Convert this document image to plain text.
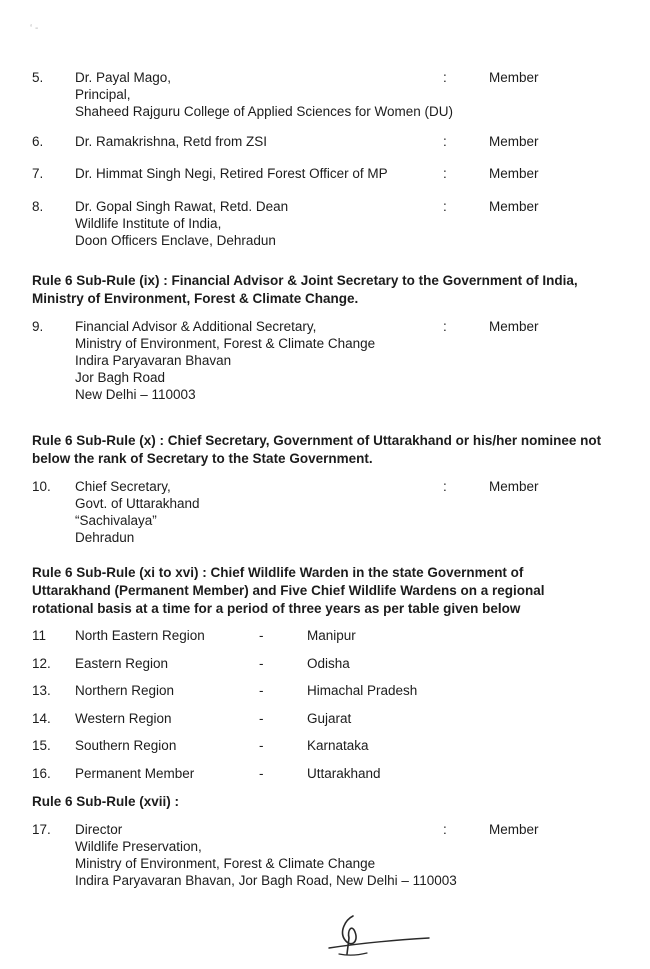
‘ -
5. Dr. Payal Mago,
Principal,
Shaheed Rajguru College of Applied Sciences for Women (DU)
:	Member
6. Dr. Ramakrishna, Retd from ZSI	:	Member
7. Dr. Himmat Singh Negi, Retired Forest Officer of MP	:	Member
8. Dr. Gopal Singh Rawat, Retd. Dean
Wildlife Institute of India,
Doon Officers Enclave, Dehradun
:	Member
Rule 6 Sub-Rule (ix) : Financial Advisor & Joint Secretary to the Government of India,
Ministry of Environment, Forest & Climate Change.
9. Financial Advisor & Additional Secretary,
Ministry of Environment, Forest & Climate Change
Indira Paryavaran Bhavan
Jor Bagh Road
New Delhi – 110003
:	Member
Rule 6 Sub-Rule (x) : Chief Secretary, Government of Uttarakhand or his/her nominee not
below the rank of Secretary to the State Government.
10. Chief Secretary,
Govt. of Uttarakhand
“Sachivalaya”
Dehradun
:	Member
Rule 6 Sub-Rule (xi to xvi) : Chief Wildlife Warden in the state Government of
Uttarakhand (Permanent Member) and Five Chief Wildlife Wardens on a regional
rotational basis at a time for a period of three years as per table given below
11 North Eastern Region	-	Manipur
12. Eastern Region	-	Odisha
13. Northern Region	-	Himachal Pradesh
14. Western Region	-	Gujarat
15. Southern Region	-	Karnataka
16. Permanent Member	-	Uttarakhand
Rule 6 Sub-Rule (xvii) :
17. Director
Wildlife Preservation,
Ministry of Environment, Forest & Climate Change
Indira Paryavaran Bhavan, Jor Bagh Road, New Delhi – 110003
:	Member
